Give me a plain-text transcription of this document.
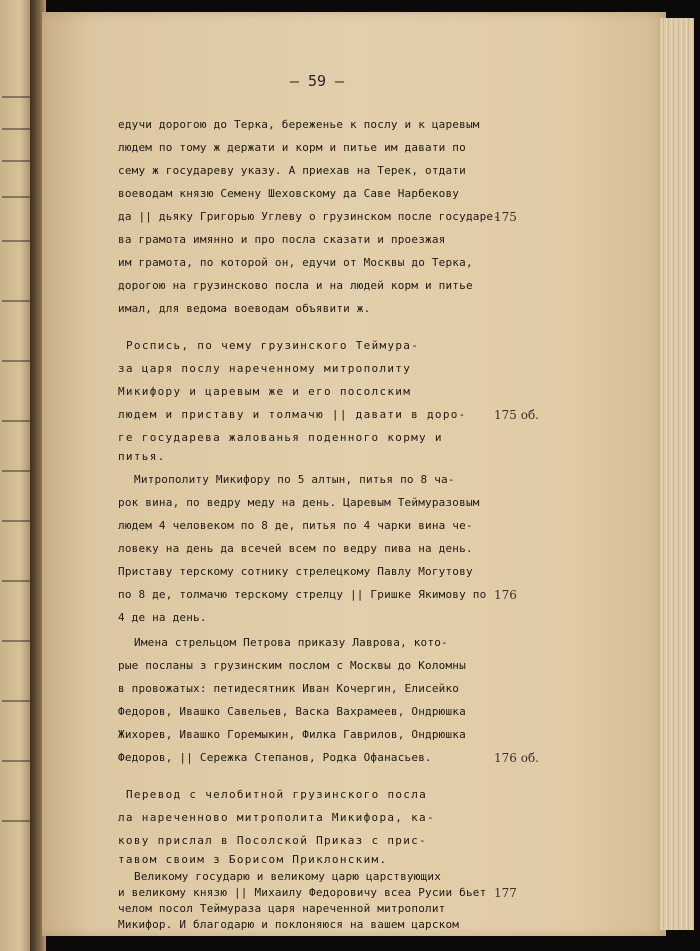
— 59 —
едучи дорогою до Терка, береженье к послу и к царевым
людем по тому ж держати и корм и питье им давати по
сему ж государеву указу. А приехав на Терек, отдати
воеводам князю Семену Шеховскому да Саве Нарбекову
да || дьяку Григорью Углеву о грузинском после государе-
ва грамота имянно и про посла сказати и проезжая
им грамота, по которой он, едучи от Москвы до Терка,
дорогою на грузинсково посла и на людей корм и питье
имал, для ведома воеводам объявити ж.
Роспись, по чему грузинского Теймура-
за царя послу нареченному митрополиту
Микифору и царевым же и его посолским
людем и приставу и толмачю || давати в доро-
ге государева жалованья поденного корму и
питья.
Митрополиту Микифору по 5 алтын, питья по 8 ча-
рок вина, по ведру меду на день. Царевым Теймуразовым
людем 4 человеком по 8 де, питья по 4 чарки вина че-
ловеку на день да всечей всем по ведру пива на день.
Приставу терскому сотнику стрелецкому Павлу Могутову
по 8 де, толмачю терскому стрелцу || Гришке Якимову по
4 де на день.
Имена стрельцом Петрова приказу Лаврова, кото-
рые посланы з грузинским послом с Москвы до Коломны
в провожатых: петидесятник Иван Кочергин, Елисейко
Федоров, Ивашко Савельев, Васка Вахрамеев, Ондрюшка
Жихорев, Ивашко Горемыкин, Филка Гаврилов, Ондрюшка
Федоров, || Сережка Степанов, Родка Офанасьев.
Перевод с челобитной грузинского посла
ла нареченново митрополита Микифора, ка-
кову прислал в Посолской Приказ с прис-
тавом своим з Борисом Приклонским.
Великому государю и великому царю царствующих
и великому князю || Михаилу Федоровичу всеа Русии бьет
челом посол Теймураза царя нареченной митрополит
Микифор. И благодарю и поклоняюся на вашем царском
175
175 об.
176
176 об.
177
